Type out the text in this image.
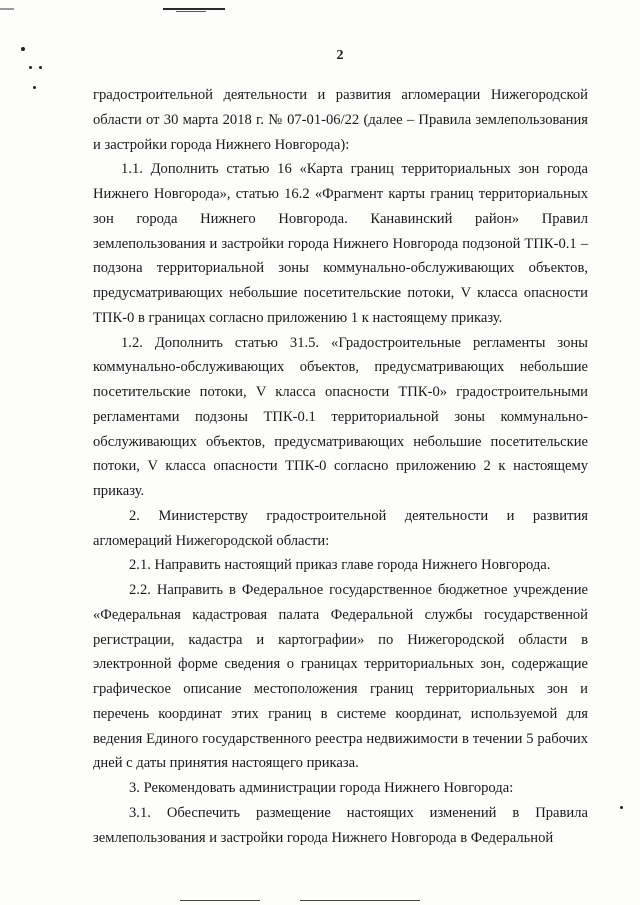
2

градостроительной деятельности и развития агломерации Нижегородской области от 30 марта 2018 г. № 07-01-06/22 (далее – Правила землепользования и застройки города Нижнего Новгорода):

1.1. Дополнить статью 16 «Карта границ территориальных зон города Нижнего Новгорода», статью 16.2 «Фрагмент карты границ территориальных зон города Нижнего Новгорода. Канавинский район» Правил землепользования и застройки города Нижнего Новгорода подзоной ТПК-0.1 – подзона территориальной зоны коммунально-обслуживающих объектов, предусматривающих небольшие посетительские потоки, V класса опасности ТПК-0 в границах согласно приложению 1 к настоящему приказу.

1.2. Дополнить статью 31.5. «Градостроительные регламенты зоны коммунально-обслуживающих объектов, предусматривающих небольшие посетительские потоки, V класса опасности ТПК-0» градостроительными регламентами подзоны ТПК-0.1 территориальной зоны коммунально-обслуживающих объектов, предусматривающих небольшие посетительские потоки, V класса опасности ТПК-0 согласно приложению 2 к настоящему приказу.

2. Министерству градостроительной деятельности и развития агломераций Нижегородской области:

2.1. Направить настоящий приказ главе города Нижнего Новгорода.

2.2. Направить в Федеральное государственное бюджетное учреждение «Федеральная кадастровая палата Федеральной службы государственной регистрации, кадастра и картографии» по Нижегородской области в электронной форме сведения о границах территориальных зон, содержащие графическое описание местоположения границ территориальных зон и перечень координат этих границ в системе координат, используемой для ведения Единого государственного реестра недвижимости в течении 5 рабочих дней с даты принятия настоящего приказа.

3. Рекомендовать администрации города Нижнего Новгорода:

3.1. Обеспечить размещение настоящих изменений в Правила землепользования и застройки города Нижнего Новгорода в Федеральной
